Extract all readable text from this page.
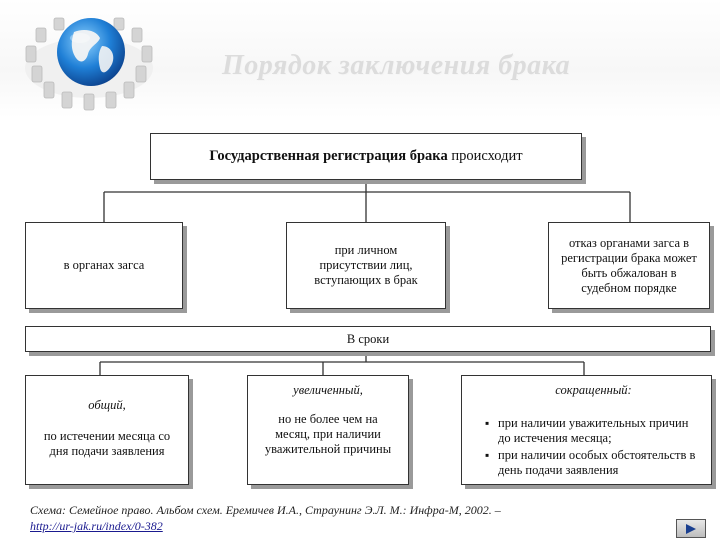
Порядок заключения брака
Государственная регистрация брака происходит
в органах загса
при личном присутствии лиц, вступающих в брак
отказ органами загса в регистрации брака может быть обжалован в судебном порядке
В сроки
общий,
по истечении месяца со дня подачи заявления
увеличенный,
но не более чем на месяц, при наличии уважительной причины
сокращенный:
▪ при наличии уважительных причин до истечения месяца;
▪ при наличии особых обстоятельств в день подачи заявления
Схема: Семейное право. Альбом схем. Еремичев И.А., Страунинг Э.Л. М.: Инфра-М, 2002. –
http://ur-jak.ru/index/0-382
